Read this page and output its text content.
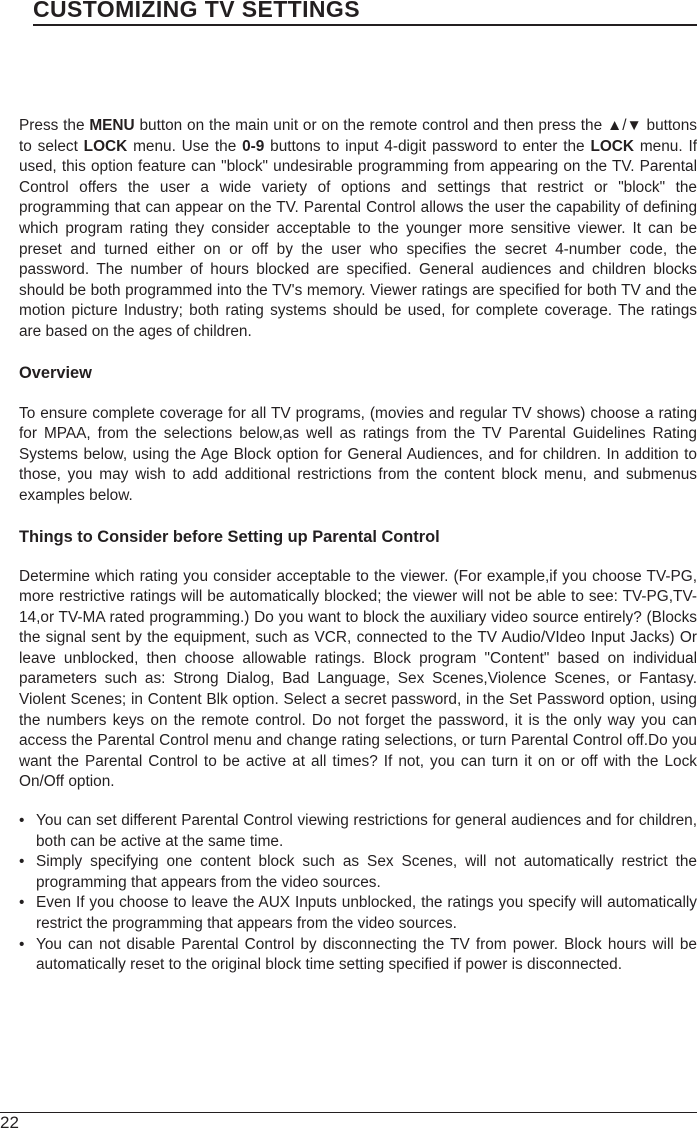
CUSTOMIZING TV SETTINGS

Press the MENU button on the main unit or on the remote control and then press the ▲/▼ buttons to select LOCK menu. Use the 0-9 buttons to input 4-digit password to enter the LOCK menu. If used, this option feature can "block" undesirable programming from appearing on the TV. Parental Control offers the user a wide variety of options and settings that restrict or "block" the programming that can appear on the TV. Parental Control allows the user the capability of defining which program rating they consider acceptable to the younger more sensitive viewer. It can be preset and turned either on or off by the user who specifies the secret 4-number code, the password. The number of hours blocked are specified. General audiences and children blocks should be both programmed into the TV's memory. Viewer ratings are specified for both TV and the motion picture Industry; both rating systems should be used, for complete coverage. The ratings are based on the ages of children.

Overview

To ensure complete coverage for all TV programs, (movies and regular TV shows) choose a rating for MPAA, from the selections below,as well as ratings from the TV Parental Guidelines Rating Systems below, using the Age Block option for General Audiences, and for children. In addition to those, you may wish to add additional restrictions from the content block menu, and submenus examples below.

Things to Consider before Setting up Parental Control

Determine which rating you consider acceptable to the viewer. (For example,if you choose TV-PG, more restrictive ratings will be automatically blocked; the viewer will not be able to see: TV-PG,TV-14,or TV-MA rated programming.) Do you want to block the auxiliary video source entirely? (Blocks the signal sent by the equipment, such as VCR, connected to the TV Audio/VIdeo Input Jacks) Or leave unblocked, then choose allowable ratings. Block program "Content" based on individual parameters such as: Strong Dialog, Bad Language, Sex Scenes,Violence Scenes, or Fantasy. Violent Scenes; in Content Blk option. Select a secret password, in the Set Password option, using the numbers keys on the remote control. Do not forget the password, it is the only way you can access the Parental Control menu and change rating selections, or turn Parental Control off.Do you want the Parental Control to be active at all times? If not, you can turn it on or off with the Lock On/Off option.

• You can set different Parental Control viewing restrictions for general audiences and for children, both can be active at the same time.
• Simply specifying one content block such as Sex Scenes, will not automatically restrict the programming that appears from the video sources.
• Even If you choose to leave the AUX Inputs unblocked, the ratings you specify will automatically restrict the programming that appears from the video sources.
• You can not disable Parental Control by disconnecting the TV from power. Block hours will be automatically reset to the original block time setting specified if power is disconnected.
22
